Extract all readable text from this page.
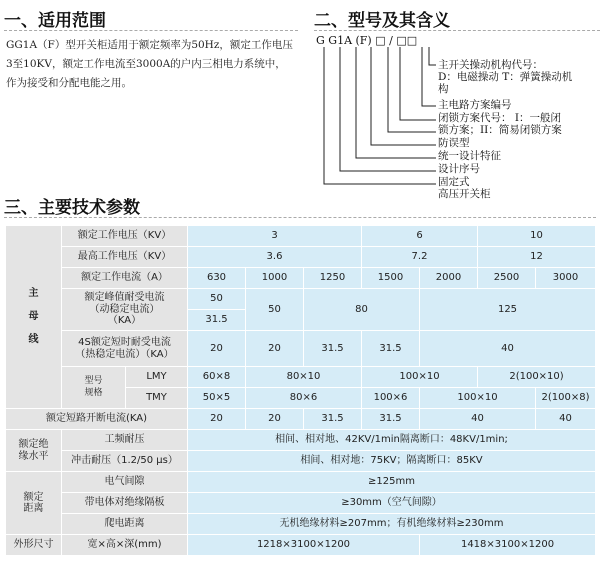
一、适用范围
GG1A（F）型开关柜适用于额定频率为50Hz，额定工作电压3至10KV，额定工作电流至3000A的户内三相电力系统中，作为接受和分配电能之用。
二、型号及其含义
G G1A (F) □ / □□
主开关操动机构代号：
D：电磁操动 T：弹簧操动机
构
主电路方案编号
闭锁方案代号： I：一般闭
锁方案；II：简易闭锁方案
防误型
统一设计特征
设计序号
固定式
高压开关柜
三、主要技术参数
主

母

线	额定工作电压（KV）		3			6		10	
	最高工作电压（KV）		3.6			7.2		12	
	额定工作电流（A）		630	1000	1250	1500	2000	2500	3000
	额定峰值耐受电流
（动稳定电流）
（KA）		50	50	80		125		
			31.5						
	4S额定短时耐受电流
（热稳定电流）（KA）		20	20	31.5	31.5	40		
	型号
规格	LMY	60×8	80×10		100×10		2(100×10)	
		TMY	50×5	80×6		100×6	100×10		2(100×8)
额定短路开断电流(KA)			20	20	31.5	31.5	40		40
额定绝
缘水平	工频耐压		相间、相对地、42KV/1min隔离断口：48KV/1min;						
	冲击耐压（1.2/50 μs）		相间、相对地：75KV；隔离断口：85KV						
额定
距离	电气间隙		≥125mm						
	带电体对绝缘隔板		≥30mm（空气间隙）						
	爬电距离		无机绝缘材料≥207mm；有机绝缘材料≥230mm						
外形尺寸	宽×高×深(mm)		1218×3100×1200				1418×3100×1200		
